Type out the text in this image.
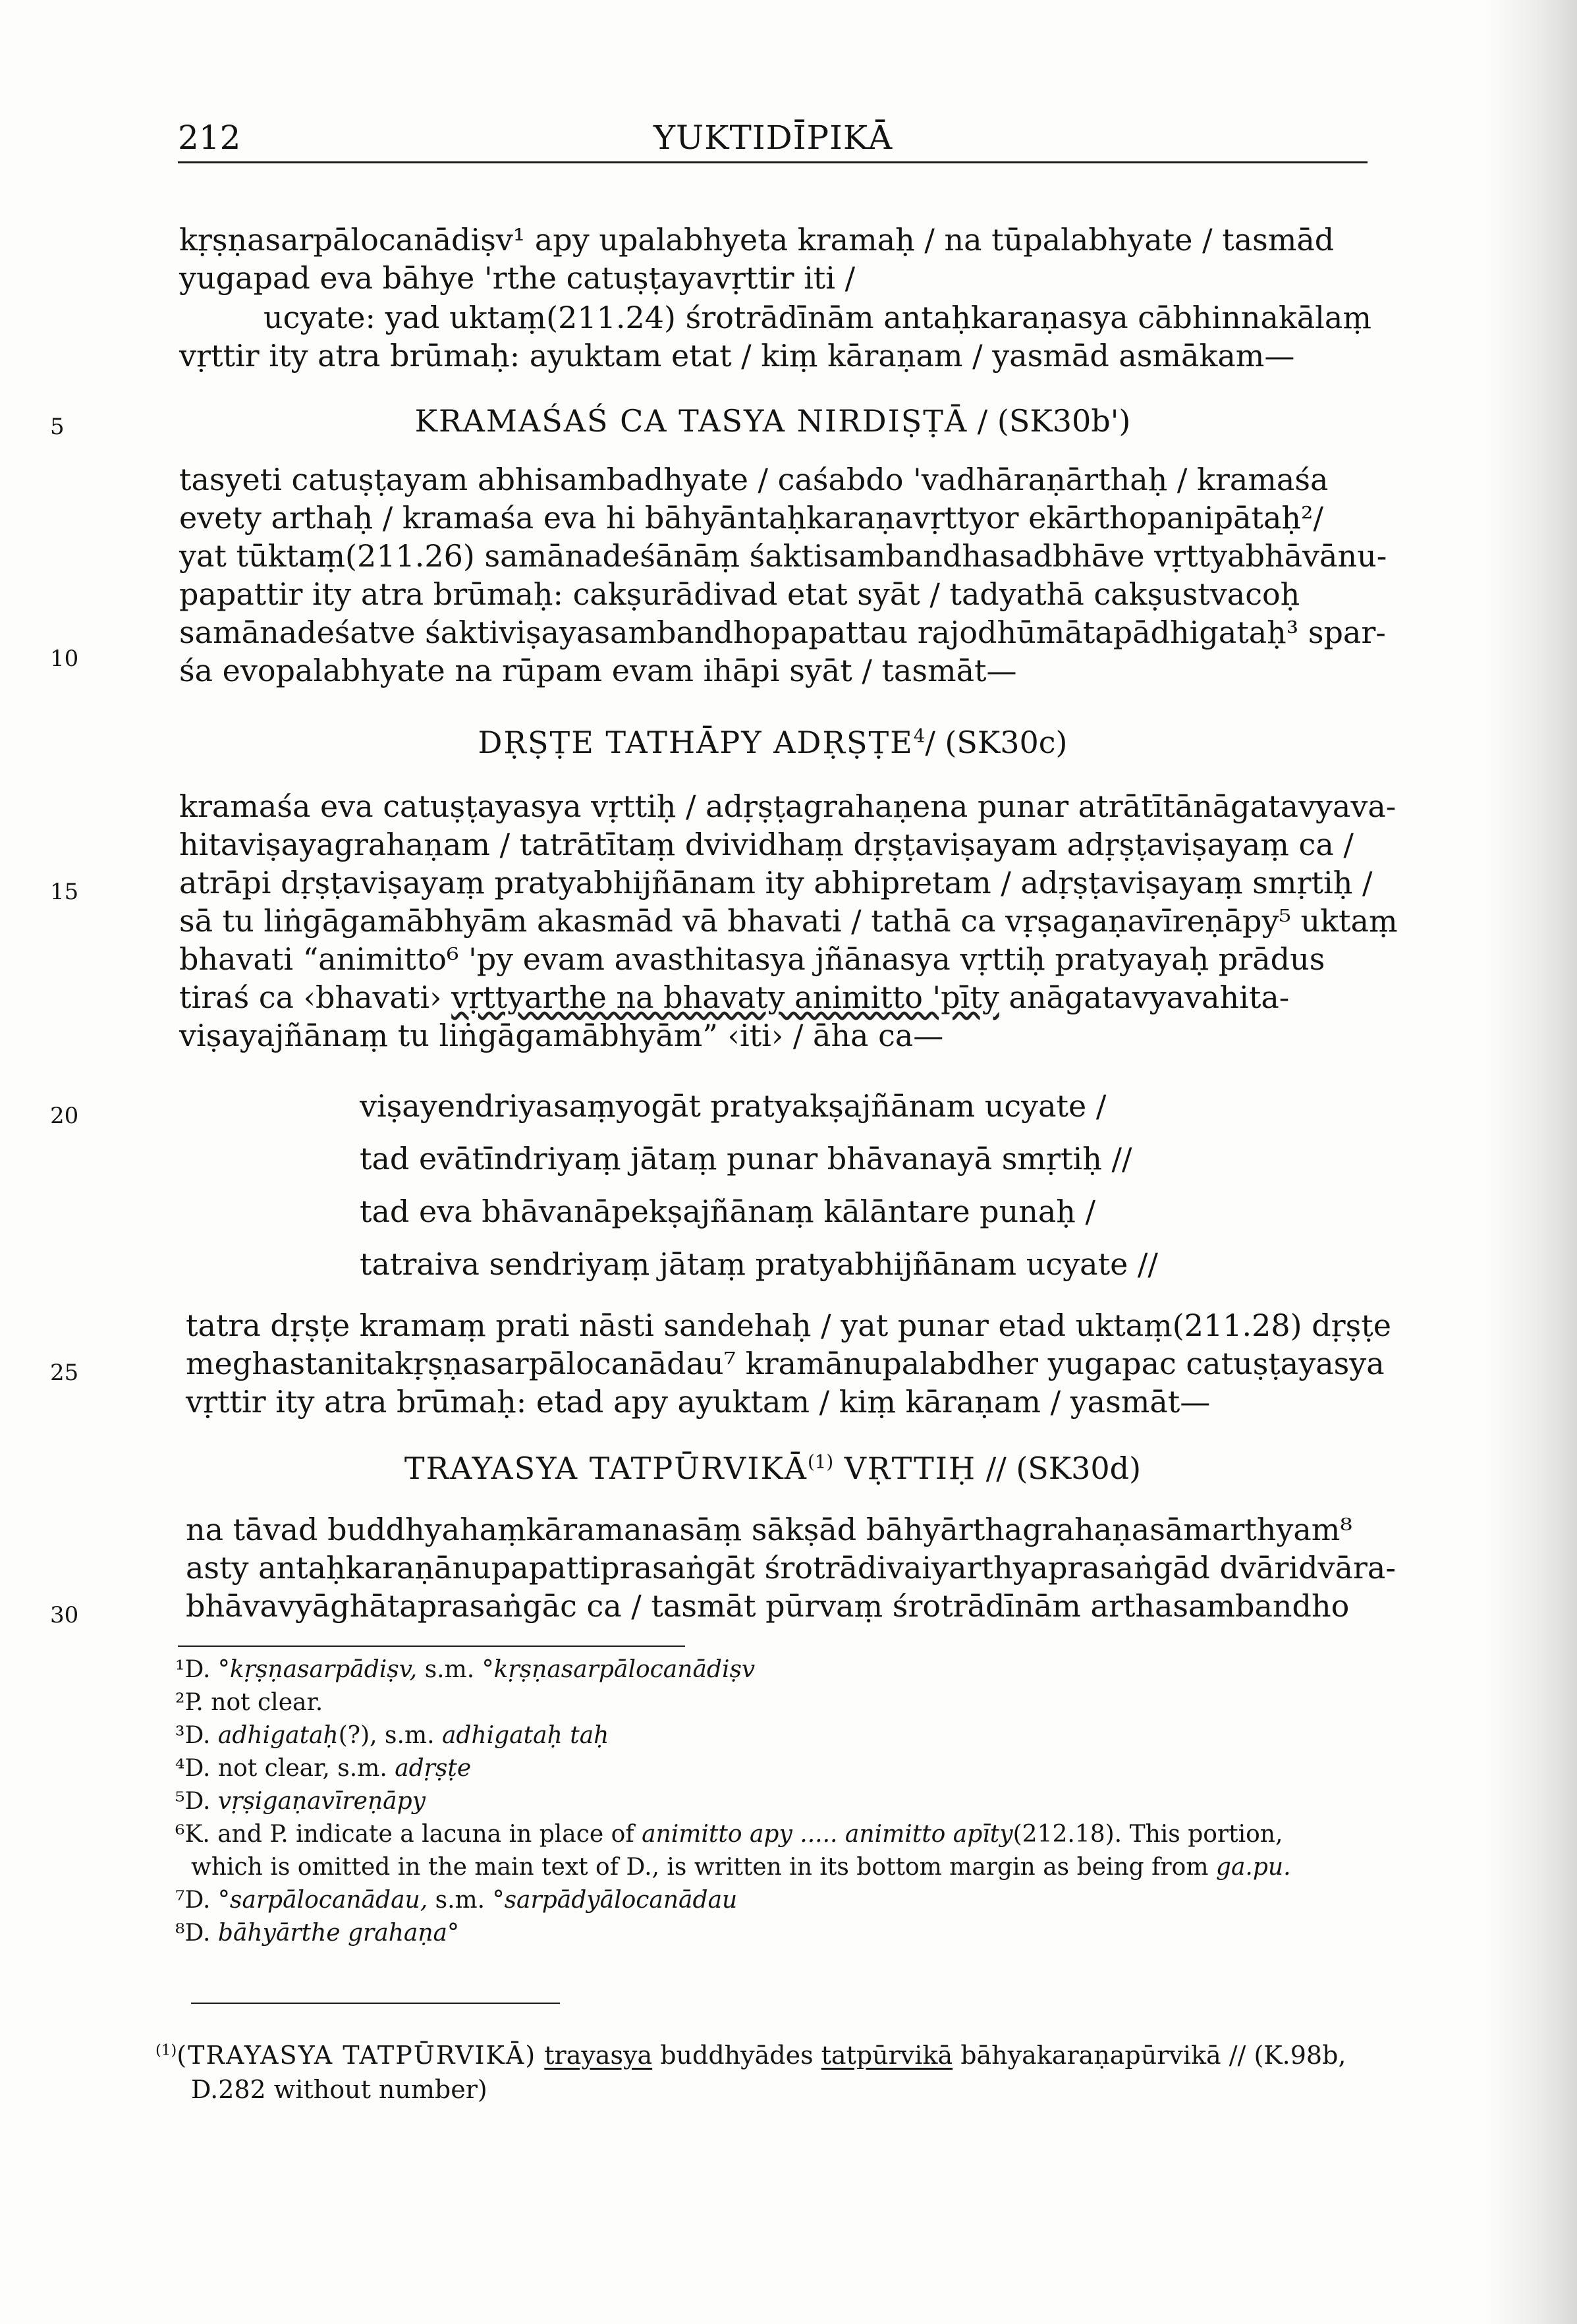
212	YUKTIDĪPIKĀ
kṛṣṇasarpālocanādiṣv¹ apy upalabhyeta kramaḥ / na tūpalabhyate / tasmād
yugapad eva bāhye 'rthe catuṣṭayavṛttir iti /
ucyate: yad uktaṃ(211.24) śrotrādīnām antaḥkaraṇasya cābhinnakālaṃ
vṛttir ity atra brūmaḥ: ayuktam etat / kiṃ kāraṇam / yasmād asmākam—
5	KRAMAŚAŚ CA TASYA NIRDIṢṬĀ / (SK30b')
tasyeti catuṣṭayam abhisambadhyate / caśabdo 'vadhāraṇārthaḥ / kramaśa
evety arthaḥ / kramaśa eva hi bāhyāntaḥkaraṇavṛttyor ekārthopanipātaḥ²/
yat tūktaṃ(211.26) samānadeśānāṃ śaktisambandhasadbhāve vṛttyabhāvānu-
papattir ity atra brūmaḥ: cakṣurādivad etat syāt / tadyathā cakṣustvacoḥ
10
samānadeśatve śaktiviṣayasambandhopapattau rajodhūmātapādhigataḥ³ spar-
śa evopalabhyate na rūpam evam ihāpi syāt / tasmāt—
DṚṢṬE TATHĀPY ADṚṢṬE$^4$/ (SK30c)
kramaśa eva catuṣṭayasya vṛttiḥ / adṛṣṭagrahaṇena punar atrātītānāgatavyava-
hitaviṣayagrahaṇam / tatrātītaṃ dvividhaṃ dṛṣṭaviṣayam adṛṣṭaviṣayaṃ ca /
15	atrāpi dṛṣṭaviṣayaṃ pratyabhijñānam ity abhipretam / adṛṣṭaviṣayaṃ smṛtiḥ /
sā tu liṅgāgamābhyām akasmād vā bhavati / tathā ca vṛṣagaṇavīreṇāpy⁵ uktaṃ
bhavati “animitto⁶ 'py evam avasthitasya jñānasya vṛttiḥ pratyayaḥ prādus
tiraś ca ‹bhavati› vṛttyarthe na bhavaty animitto 'pīty anāgatavyavahita-
viṣayajñānaṃ tu liṅgāgamābhyām” ‹iti› / āha ca—
20	viṣayendriyasaṃyogāt pratyakṣajñānam ucyate /
tad evātīndriyaṃ jātaṃ punar bhāvanayā smṛtiḥ //
tad eva bhāvanāpekṣajñānaṃ kālāntare punaḥ /
tatraiva sendriyaṃ jātaṃ pratyabhijñānam ucyate //
tatra dṛṣṭe kramaṃ prati nāsti sandehaḥ / yat punar etad uktaṃ(211.28) dṛṣṭe
25	meghastanitakṛṣṇasarpālocanādau⁷ kramānupalabdher yugapac catuṣṭayasya
vṛttir ity atra brūmaḥ: etad apy ayuktam / kiṃ kāraṇam / yasmāt—
TRAYASYA TATPŪRVIKĀ$^{(1)}$ VṚTTIḤ // (SK30d)
na tāvad buddhyahaṃkāramanasāṃ sākṣād bāhyārthagrahaṇasāmarthyam⁸
asty antaḥkaraṇānupapattiprasaṅgāt śrotrādivaiyarthyaprasaṅgād dvāridvāra-
30	bhāvavyāghātaprasaṅgāc ca / tasmāt pūrvaṃ śrotrādīnām arthasambandho
¹D. °kṛṣṇasarpādiṣv, s.m. °kṛṣṇasarpālocanādiṣv
²P. not clear.
³D. adhigataḥ(?), s.m. adhigataḥ taḥ
⁴D. not clear, s.m. adṛṣṭe
⁵D. vṛṣigaṇavīreṇāpy
⁶K. and P. indicate a lacuna in place of animitto apy ..... animitto apīty(212.18). This portion,
which is omitted in the main text of D., is written in its bottom margin as being from ga.pu.
⁷D. °sarpālocanādau, s.m. °sarpādyālocanādau
⁸D. bāhyārthe grahaṇa°
$^{(1)}$(TRAYASYA TATPŪRVIKĀ) trayasya buddhyādes tatpūrvikā bāhyakaraṇapūrvikā // (K.98b,
D.282 without number)
